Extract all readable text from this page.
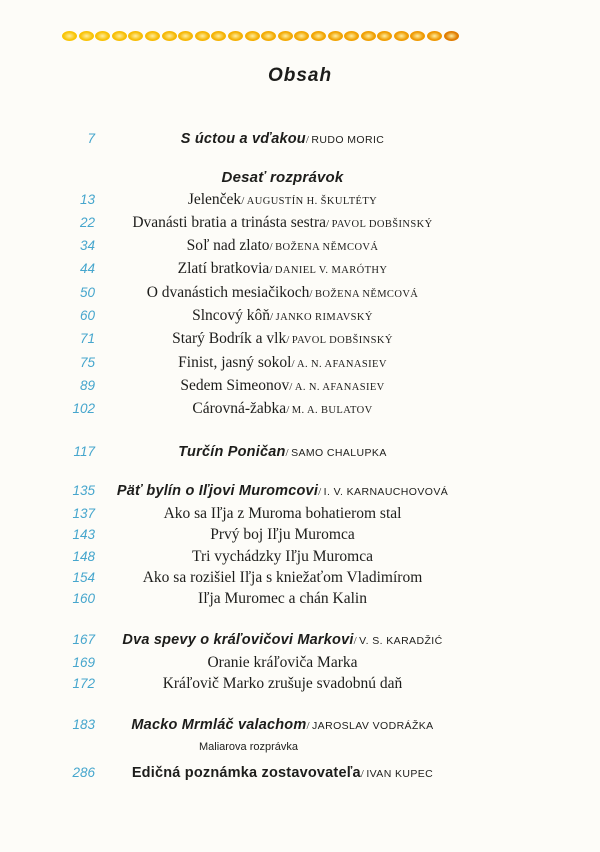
Obsah
7	S úctou a vďakou/ RUDO MORIC
Desať rozprávok
13	Jelenček/ AUGUSTÍN H. ŠKULTÉTY
22	Dvanásti bratia a trinásta sestra/ PAVOL DOBŠINSKÝ
34	Soľ nad zlato/ BOŽENA NĚMCOVÁ
44	Zlatí bratkovia/ DANIEL V. MARÓTHY
50	O dvanástich mesiačikoch/ BOŽENA NĚMCOVÁ
60	Slncový kôň/ JANKO RIMAVSKÝ
71	Starý Bodrík a vlk/ PAVOL DOBŠINSKÝ
75	Finist, jasný sokol/ A. N. AFANASIEV
89	Sedem Simeonov/ A. N. AFANASIEV
102	Cárovná-žabka/ M. A. BULATOV
117	Turčín Poničan/ SAMO CHALUPKA
135	Päť bylín o Iľjovi Muromcovi/ I. V. KARNAUCHOVOVÁ
137	Ako sa Iľja z Muroma bohatierom stal
143	Prvý boj Iľju Muromca
148	Tri vychádzky Iľju Muromca
154	Ako sa rozišiel Iľja s kniežaťom Vladimírom
160	Iľja Muromec a chán Kalin
167	Dva spevy o kráľovičovi Markovi/ V. S. KARADŽIĆ
169	Oranie kráľoviča Marka
172	Kráľovič Marko zrušuje svadobnú daň
183	Macko Mrmláč valachom/ JAROSLAV VODRÁŽKA
Maliarova rozprávka
286	Edičná poznámka zostavovateľa/ IVAN KUPEC
